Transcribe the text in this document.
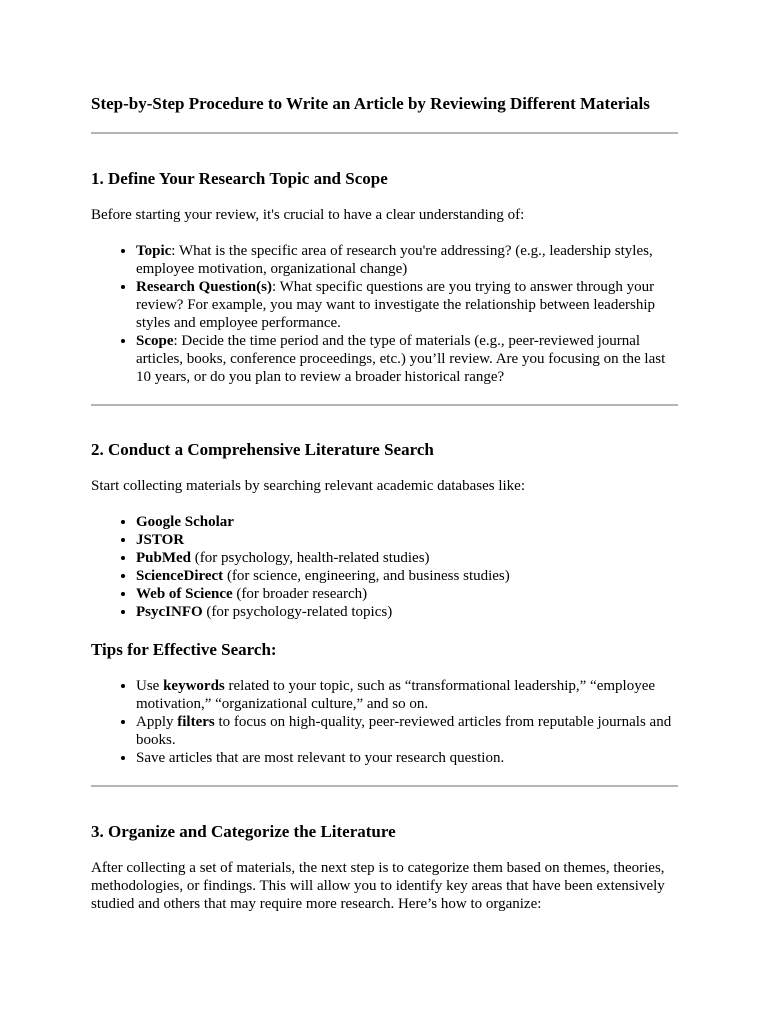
Step-by-Step Procedure to Write an Article by Reviewing Different Materials
1. Define Your Research Topic and Scope

Before starting your review, it's crucial to have a clear understanding of:

• Topic: What is the specific area of research you're addressing? (e.g., leadership styles, employee motivation, organizational change)
• Research Question(s): What specific questions are you trying to answer through your review? For example, you may want to investigate the relationship between leadership styles and employee performance.
• Scope: Decide the time period and the type of materials (e.g., peer-reviewed journal articles, books, conference proceedings, etc.) you’ll review. Are you focusing on the last 10 years, or do you plan to review a broader historical range?
2. Conduct a Comprehensive Literature Search

Start collecting materials by searching relevant academic databases like:

• Google Scholar
• JSTOR
• PubMed (for psychology, health-related studies)
• ScienceDirect (for science, engineering, and business studies)
• Web of Science (for broader research)
• PsycINFO (for psychology-related topics)
Tips for Effective Search:
• Use keywords related to your topic, such as “transformational leadership,” “employee motivation,” “organizational culture,” and so on.
• Apply filters to focus on high-quality, peer-reviewed articles from reputable journals and books.
• Save articles that are most relevant to your research question.
3. Organize and Categorize the Literature

After collecting a set of materials, the next step is to categorize them based on themes, theories, methodologies, or findings. This will allow you to identify key areas that have been extensively studied and others that may require more research. Here’s how to organize:
